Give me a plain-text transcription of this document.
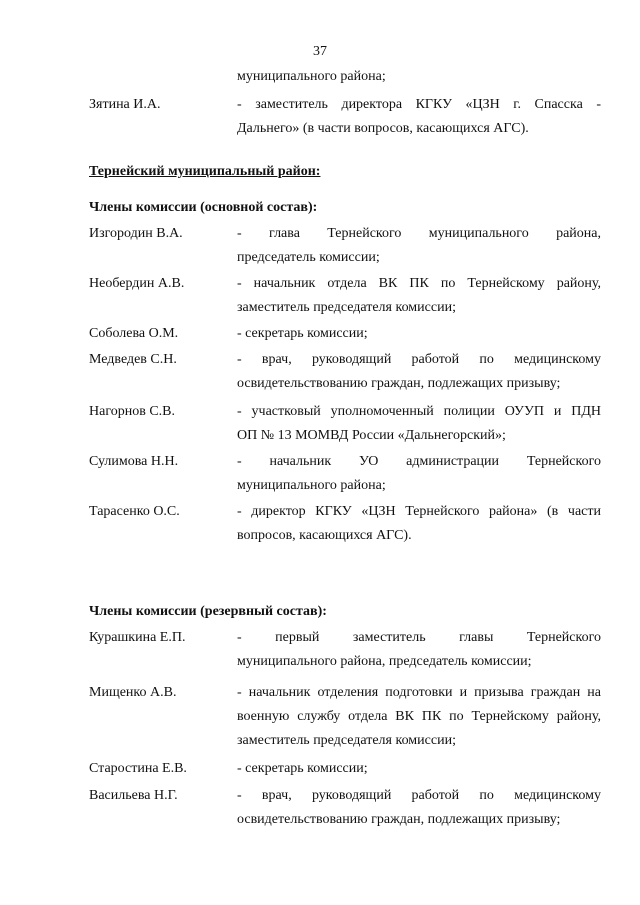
37
муниципального района;
Зятина И.А.	- заместитель директора КГКУ «ЦЗН г. Спасска -
Дальнего» (в части вопросов, касающихся АГС).
Тернейский муниципальный район:
Члены комиссии (основной состав):
Изгородин В.А.	- глава Тернейского муниципального района,
председатель комиссии;
Необердин А.В.	- начальник отдела ВК ПК по Тернейскому району,
заместитель председателя комиссии;
Соболева О.М.	- секретарь комиссии;
Медведев С.Н.	- врач, руководящий работой по медицинскому
освидетельствованию граждан, подлежащих призыву;
Нагорнов С.В.	- участковый уполномоченный полиции ОУУП и ПДН
ОП № 13 МОМВД России «Дальнегорский»;
Сулимова Н.Н.	- начальник УО администрации Тернейского
муниципального района;
Тарасенко О.С.	- директор КГКУ «ЦЗН Тернейского района» (в части
вопросов, касающихся АГС).
Члены комиссии (резервный состав):
Курашкина Е.П.	- первый заместитель главы Тернейского
муниципального района, председатель комиссии;
Мищенко А.В.	- начальник отделения подготовки и призыва граждан на
военную службу отдела ВК ПК по Тернейскому району,
заместитель председателя комиссии;
Старостина Е.В.	- секретарь комиссии;
Васильева Н.Г.	- врач, руководящий работой по медицинскому
освидетельствованию граждан, подлежащих призыву;
